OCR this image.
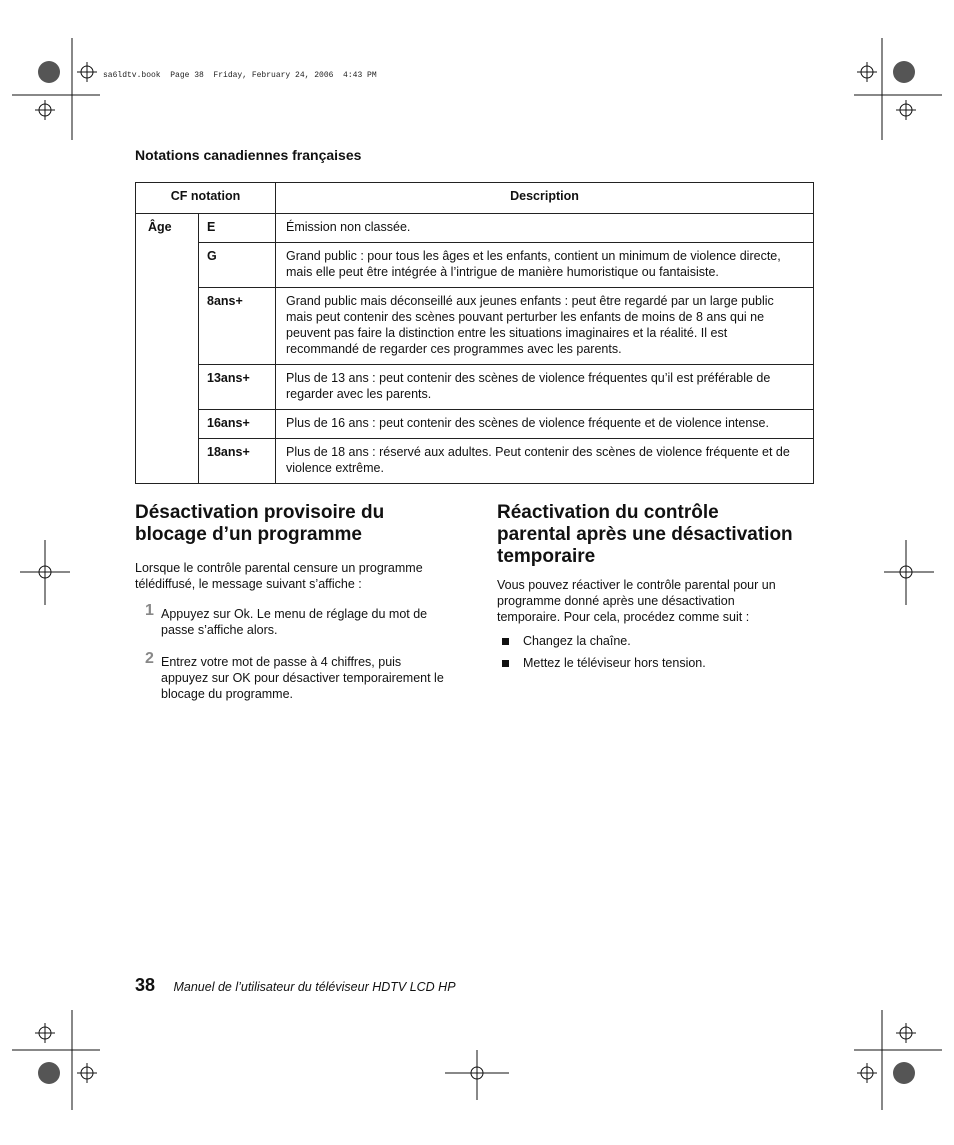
sa6ldtv.book  Page 38  Friday, February 24, 2006  4:43 PM
Notations canadiennes françaises
CF notation		Description
Âge	E	Émission non classée.
	G	Grand public : pour tous les âges et les enfants, contient un minimum de violence directe, mais elle peut être intégrée à l’intrigue de manière humoristique ou fantaisiste.
	8ans+	Grand public mais déconseillé aux jeunes enfants : peut être regardé par un large public mais peut contenir des scènes pouvant perturber les enfants de moins de 8 ans qui ne peuvent pas faire la distinction entre les situations imaginaires et la réalité. Il est recommandé de regarder ces programmes avec les parents.
	13ans+	Plus de 13 ans : peut contenir des scènes de violence fréquentes qu’il est préférable de regarder avec les parents.
	16ans+	Plus de 16 ans : peut contenir des scènes de violence fréquente et de violence intense.
	18ans+	Plus de 18 ans : réservé aux adultes. Peut contenir des scènes de violence fréquente et de violence extrême.
Désactivation provisoire du blocage d’un programme

Lorsque le contrôle parental censure un programme télédiffusé, le message suivant s’affiche :

1 Appuyez sur Ok. Le menu de réglage du mot de passe s’affiche alors.
2 Entrez votre mot de passe à 4 chiffres, puis appuyez sur OK pour désactiver temporairement le blocage du programme.
Réactivation du contrôle parental après une désactivation temporaire

Vous pouvez réactiver le contrôle parental pour un programme donné après une désactivation temporaire. Pour cela, procédez comme suit :

Changez la chaîne.
Mettez le téléviseur hors tension.
38 Manuel de l’utilisateur du téléviseur HDTV LCD HP
